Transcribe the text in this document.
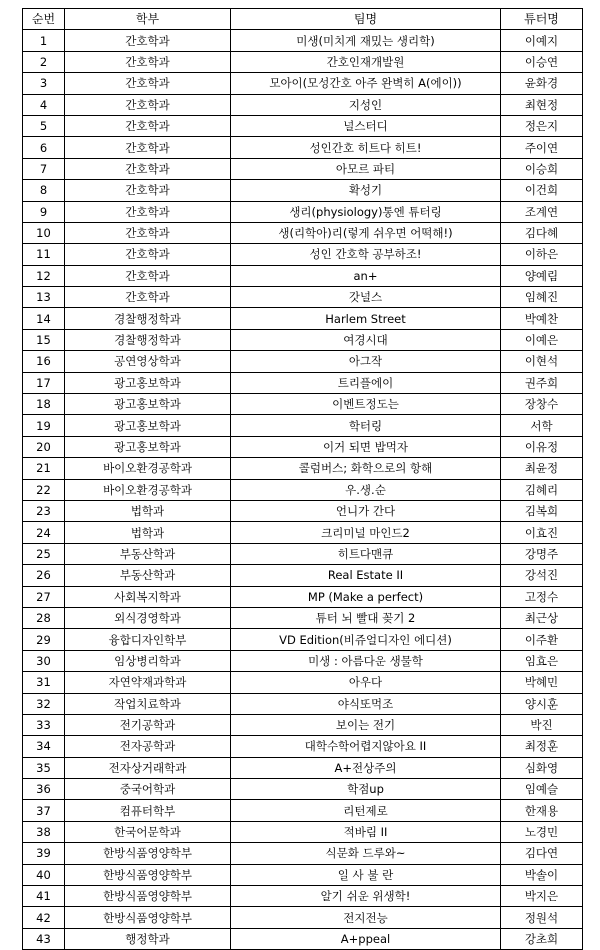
순번	학부	팀명	튜터명
1	간호학과	미생(미치게 재밌는 생리학)	이예지
2	간호학과	간호인재개발원	이승연
3	간호학과	모아이(모성간호 아주 완벽히 A(에이))	윤화경
4	간호학과	지성인	최현정
5	간호학과	널스터디	정은지
6	간호학과	성인간호 히트다 히트!	주이연
7	간호학과	아모르 파티	이승희
8	간호학과	확성기	이건희
9	간호학과	생리(physiology)통엔 튜터링	조계연
10	간호학과	생(리학아)리(렇게 쉬우면 어떡해!)	김다혜
11	간호학과	성인 간호학 공부하조!	이하은
12	간호학과	an+	양예림
13	간호학과	갓널스	임혜진
14	경찰행정학과	Harlem Street	박예찬
15	경찰행정학과	여경시대	이예은
16	공연영상학과	아그작	이현석
17	광고홍보학과	트리플에이	권주희
18	광고홍보학과	이벤트정도는	장창수
19	광고홍보학과	학터링	서학
20	광고홍보학과	이거 되면 밥먹자	이유정
21	바이오환경공학과	콜럼버스; 화학으로의 항해	최윤정
22	바이오환경공학과	우.생.순	김혜리
23	법학과	언니가 간다	김복희
24	법학과	크리미널 마인드2	이효진
25	부동산학과	히트다맨큐	강명주
26	부동산학과	Real Estate II	강석진
27	사회복지학과	MP (Make a perfect)	고정수
28	외식경영학과	튜터 뇌 빨대 꽂기 2	최근상
29	융합디자인학부	VD Edition(비쥬얼디자인 에디션)	이주환
30	임상병리학과	미생 : 아름다운 생물학	임효은
31	자연약재과학과	아우다	박혜민
32	작업치료학과	야식또먹조	양시훈
33	전기공학과	보이는 전기	박진
34	전자공학과	대학수학어렵지않아요 II	최정훈
35	전자상거래학과	A+전상주의	심화영
36	중국어학과	학점up	임예슬
37	컴퓨터학부	리턴제로	한재용
38	한국어문학과	적바림 II	노경민
39	한방식품영양학부	식문화 드루와~	김다연
40	한방식품영양학부	일 사 불 란	박솔이
41	한방식품영양학부	알기 쉬운 위생학!	박지은
42	한방식품영양학부	전지전능	정원석
43	행정학과	A+ppeal	강초희
